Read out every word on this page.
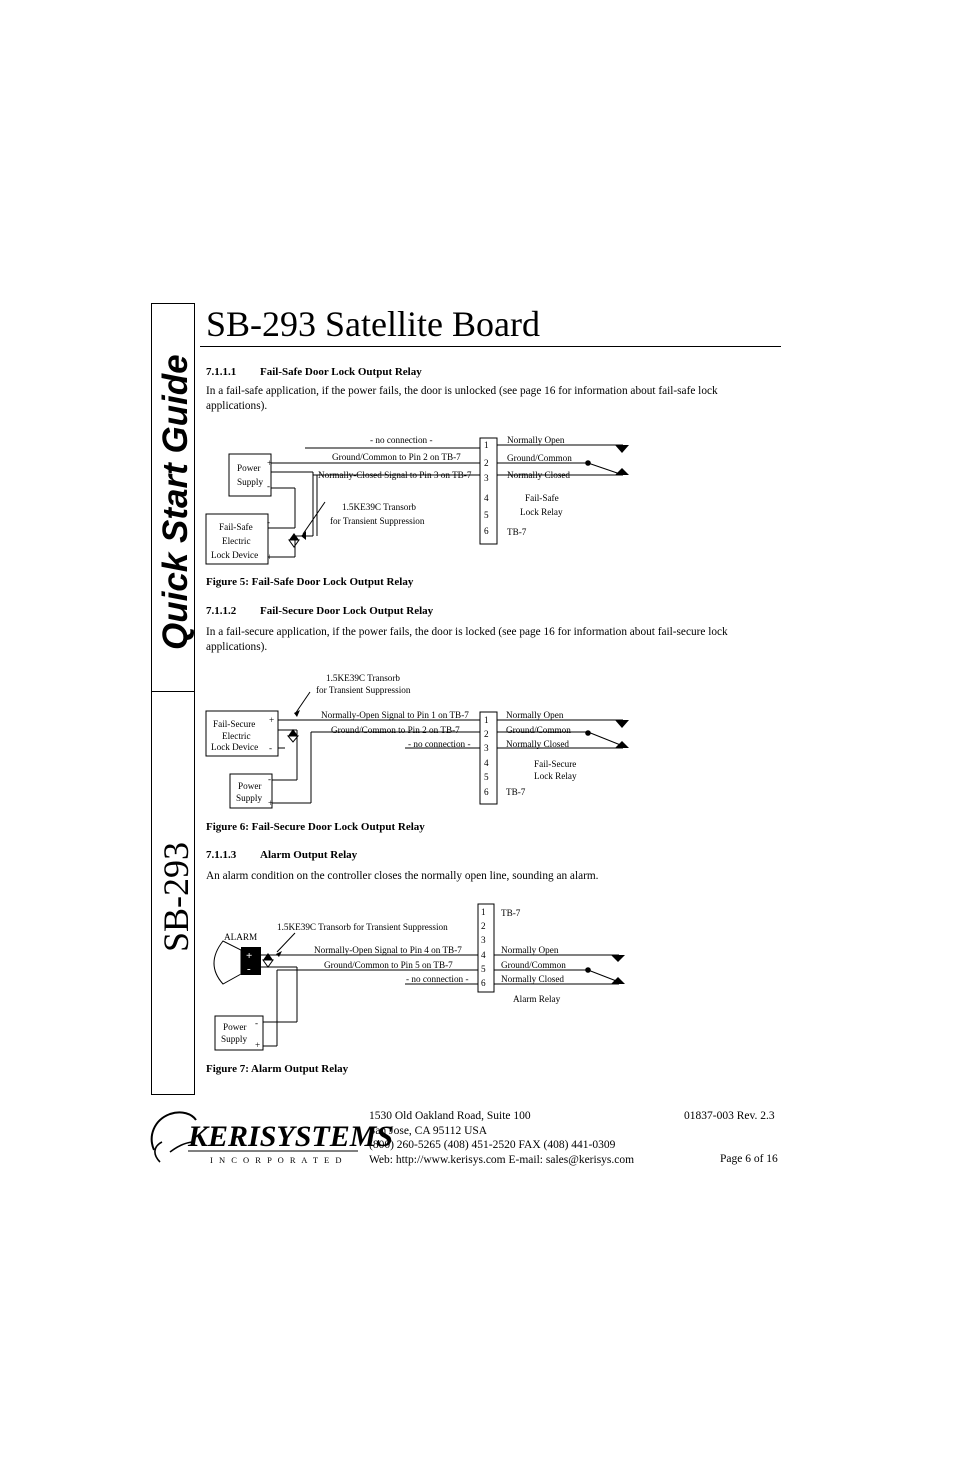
Quick Start Guide
SB-293
SB-293 Satellite Board
7.1.1.1 Fail-Safe Door Lock Output Relay
In a fail-safe application, if the power fails, the door is unlocked (see page 16 for information about fail-safe lock
applications).
Power
Supply
+
-
Fail-Safe
Electric
Lock Device
-
+
- no connection -
Ground/Common to Pin 2 on TB-7
Normally-Closed Signal to Pin 3 on TB-7
1.5KE39C Transorb
for Transient Suppression
Normally Open
Ground/Common
Normally Closed
Fail-Safe
Lock Relay
TB-7
1
2
3
4
5
6
Figure 5: Fail-Safe Door Lock Output Relay
7.1.1.2 Fail-Secure Door Lock Output Relay
In a fail-secure application, if the power fails, the door is locked (see page 16 for information about fail-secure lock
applications).
1.5KE39C Transorb
for Transient Suppression
Fail-Secure
Electric
Lock Device
+
-
Power
Supply
-
+
Normally-Open Signal to Pin 1 on TB-7
Ground/Common to Pin 2 on TB-7
- no connection -
Normally Open
Ground/Common
Normally Closed
Fail-Secure
Lock Relay
TB-7
1
2
3
4
5
6
Figure 6: Fail-Secure Door Lock Output Relay
7.1.1.3 Alarm Output Relay
An alarm condition on the controller closes the normally open line, sounding an alarm.
+
-
TB-7
1.5KE39C Transorb for Transient Suppression
ALARM
Normally-Open Signal to Pin 4 on TB-7
Ground/Common to Pin 5 on TB-7
- no connection -
Normally Open
Ground/Common
Normally Closed
Alarm Relay
Power
Supply
-
+
1
2
3
4
5
6
Figure 7: Alarm Output Relay
KERISYSTEMS
I N C O R P O R A T E D
1530 Old Oakland Road, Suite 100
San Jose, CA 95112 USA
(800) 260-5265 (408) 451-2520 FAX (408) 441-0309
Web: http://www.kerisys.com E-mail: sales@kerisys.com
01837-003 Rev. 2.3
Page 6 of 16
